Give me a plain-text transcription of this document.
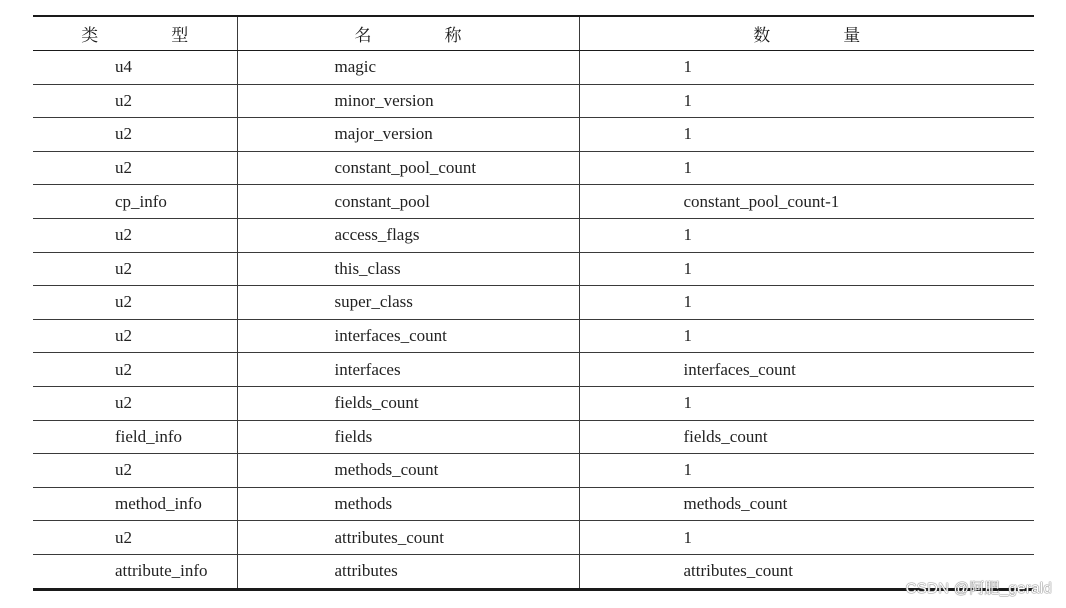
类　型	名　称	数　量
u4	magic	1
u2	minor_version	1
u2	major_version	1
u2	constant_pool_count	1
cp_info	constant_pool	constant_pool_count-1
u2	access_flags	1
u2	this_class	1
u2	super_class	1
u2	interfaces_count	1
u2	interfaces	interfaces_count
u2	fields_count	1
field_info	fields	fields_count
u2	methods_count	1
method_info	methods	methods_count
u2	attributes_count	1
attribute_info	attributes	attributes_count
CSDN @阿肥_gerald
